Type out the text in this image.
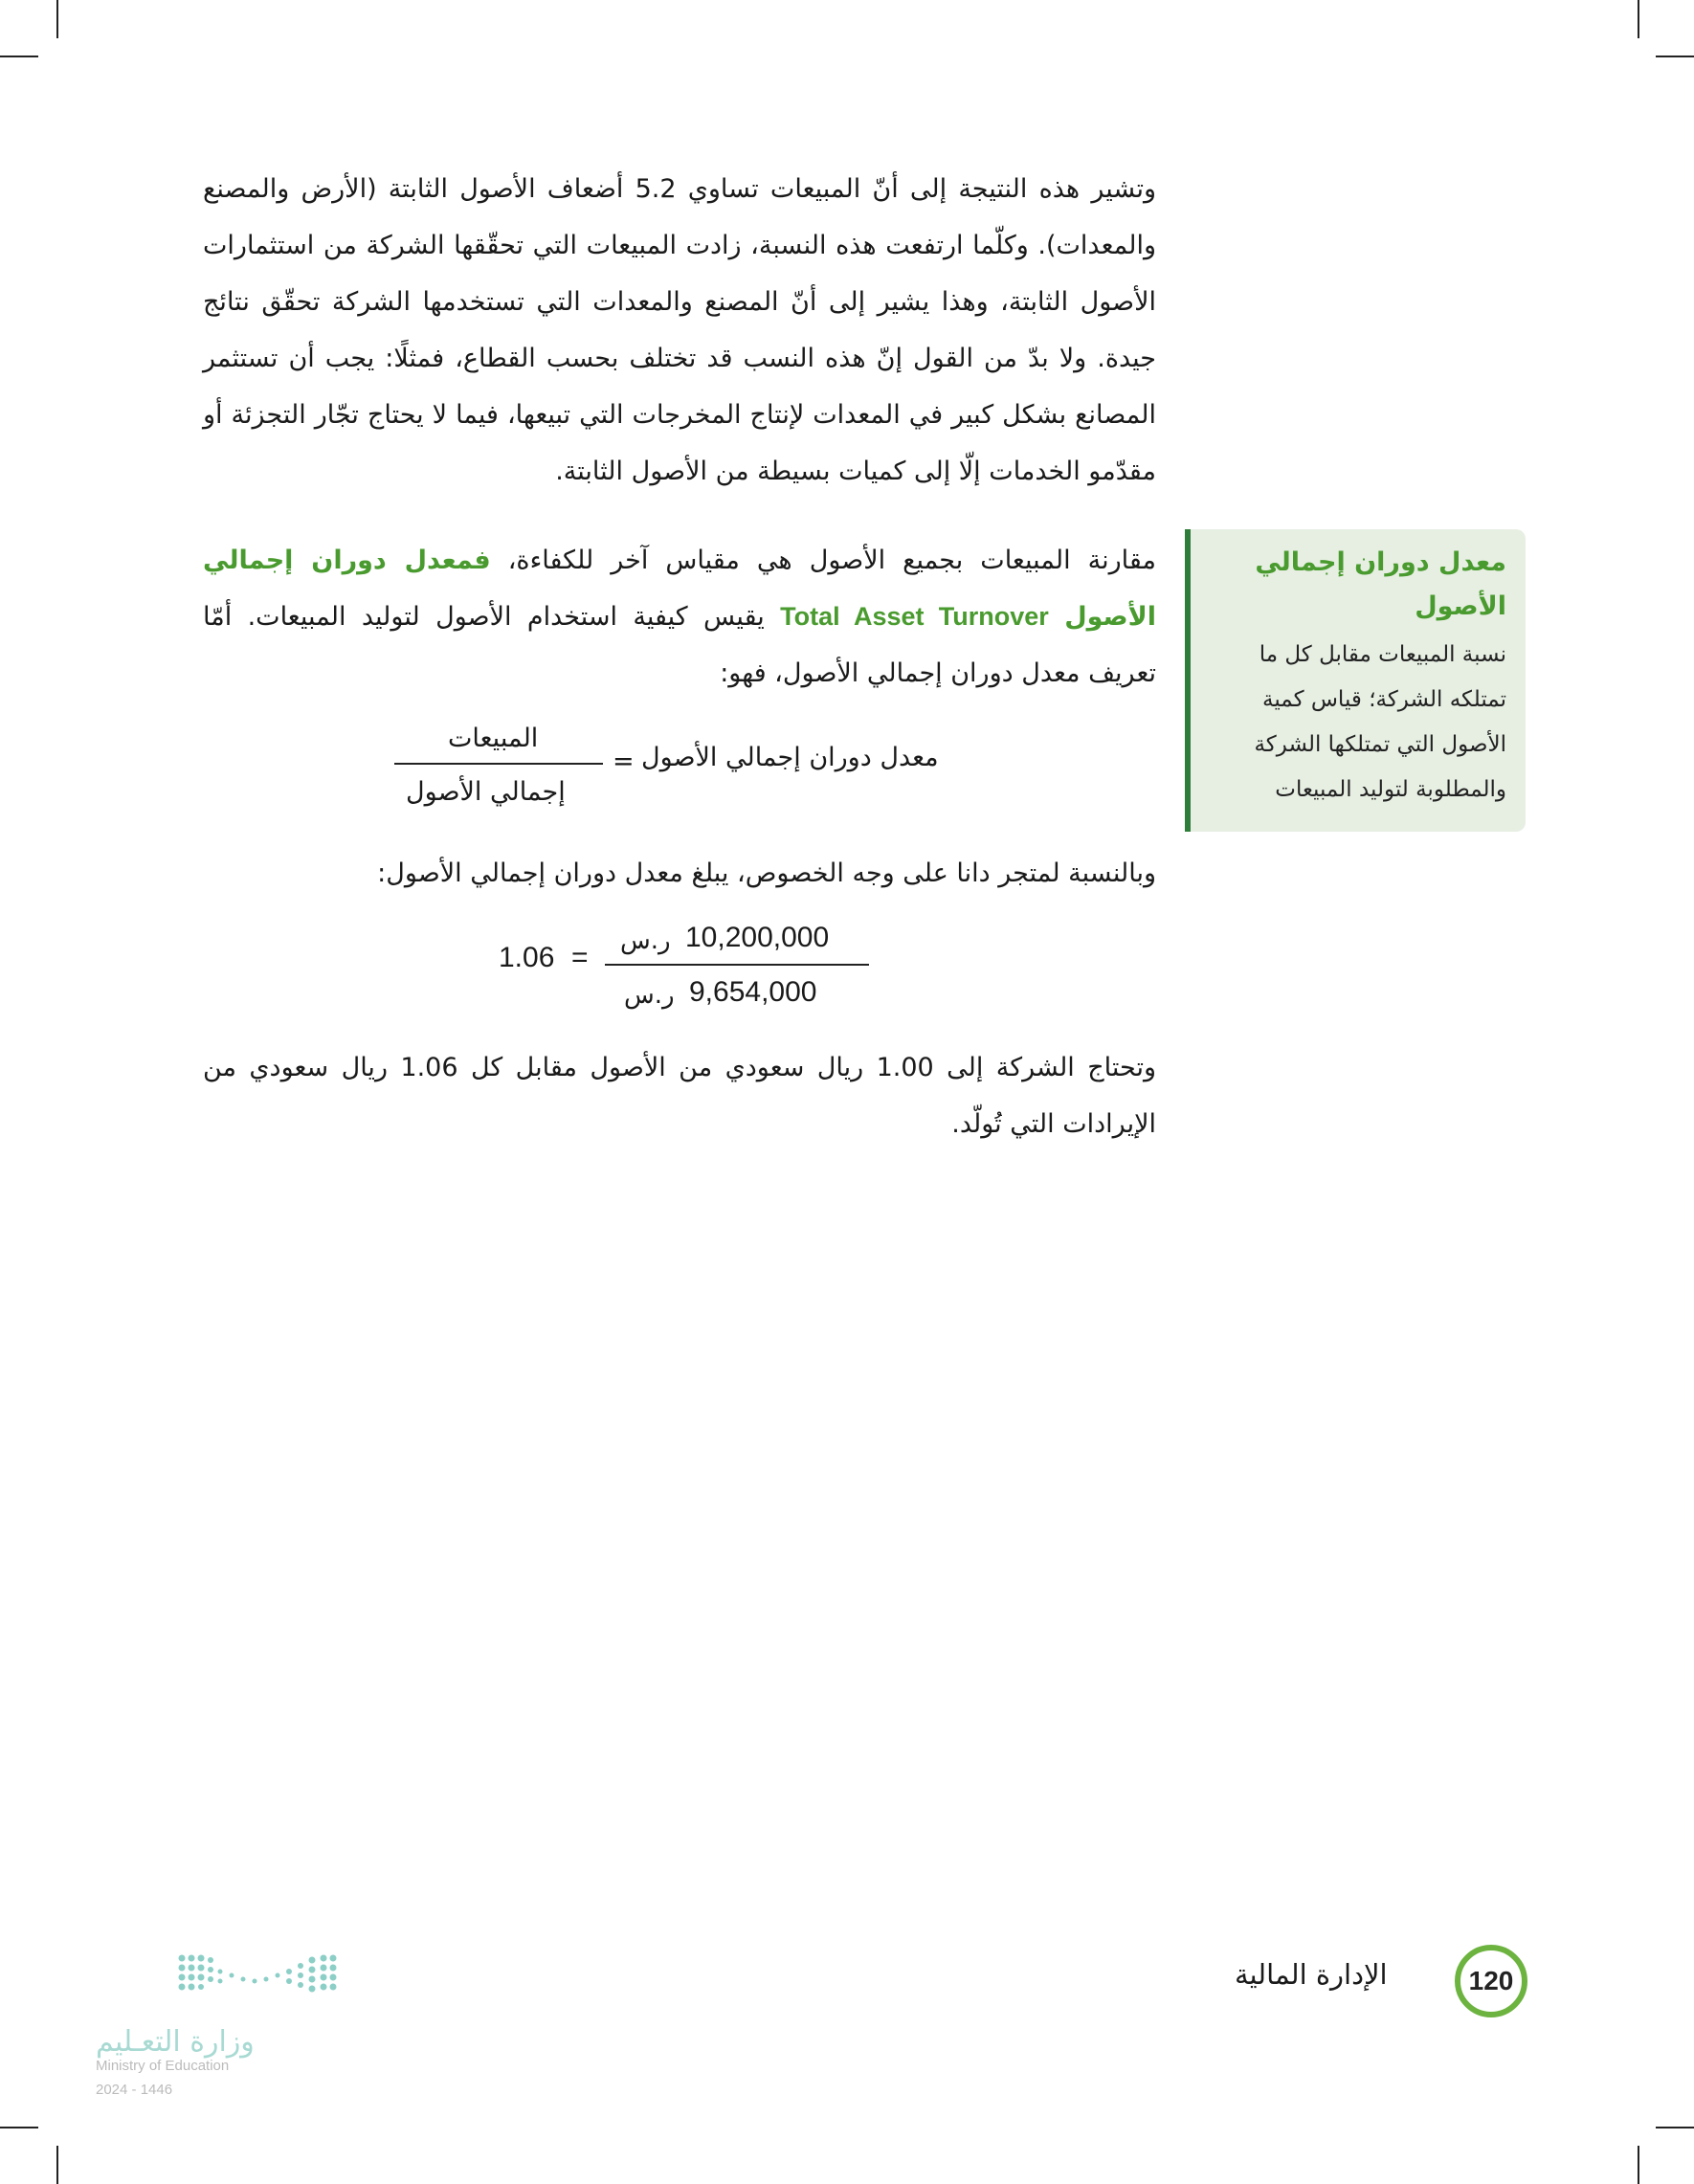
وتشير هذه النتيجة إلى أنّ المبيعات تساوي 5.2 أضعاف الأصول الثابتة (الأرض والمصنع والمعدات). وكلّما ارتفعت هذه النسبة، زادت المبيعات التي تحقّقها الشركة من استثمارات الأصول الثابتة، وهذا يشير إلى أنّ المصنع والمعدات التي تستخدمها الشركة تحقّق نتائج جيدة. ولا بدّ من القول إنّ هذه النسب قد تختلف بحسب القطاع، فمثلًا: يجب أن تستثمر المصانع بشكل كبير في المعدات لإنتاج المخرجات التي تبيعها، فيما لا يحتاج تجّار التجزئة أو مقدّمو الخدمات إلّا إلى كميات بسيطة من الأصول الثابتة.

مقارنة المبيعات بجميع الأصول هي مقياس آخر للكفاءة، فمعدل دوران إجمالي الأصول Total Asset Turnover يقيس كيفية استخدام الأصول لتوليد المبيعات. أمّا تعريف معدل دوران إجمالي الأصول، فهو:

معدل دوران إجمالي الأصول
نسبة المبيعات مقابل كل ما تمتلكه الشركة؛ قياس كمية الأصول التي تمتلكها الشركة والمطلوبة لتوليد المبيعات
معدل دوران إجمالي الأصول
=
المبيعات
إجمالي الأصول

وبالنسبة لمتجر دانا على وجه الخصوص، يبلغ معدل دوران إجمالي الأصول:

1.06 =
10,200,000
ر.س
9,654,000
ر.س

وتحتاج الشركة إلى 1.00 ريال سعودي من الأصول مقابل كل 1.06 ريال سعودي من الإيرادات التي تُولّد.

120
الإدارة المالية
وزارة التعـليم
Ministry of Education
2024 - 1446
